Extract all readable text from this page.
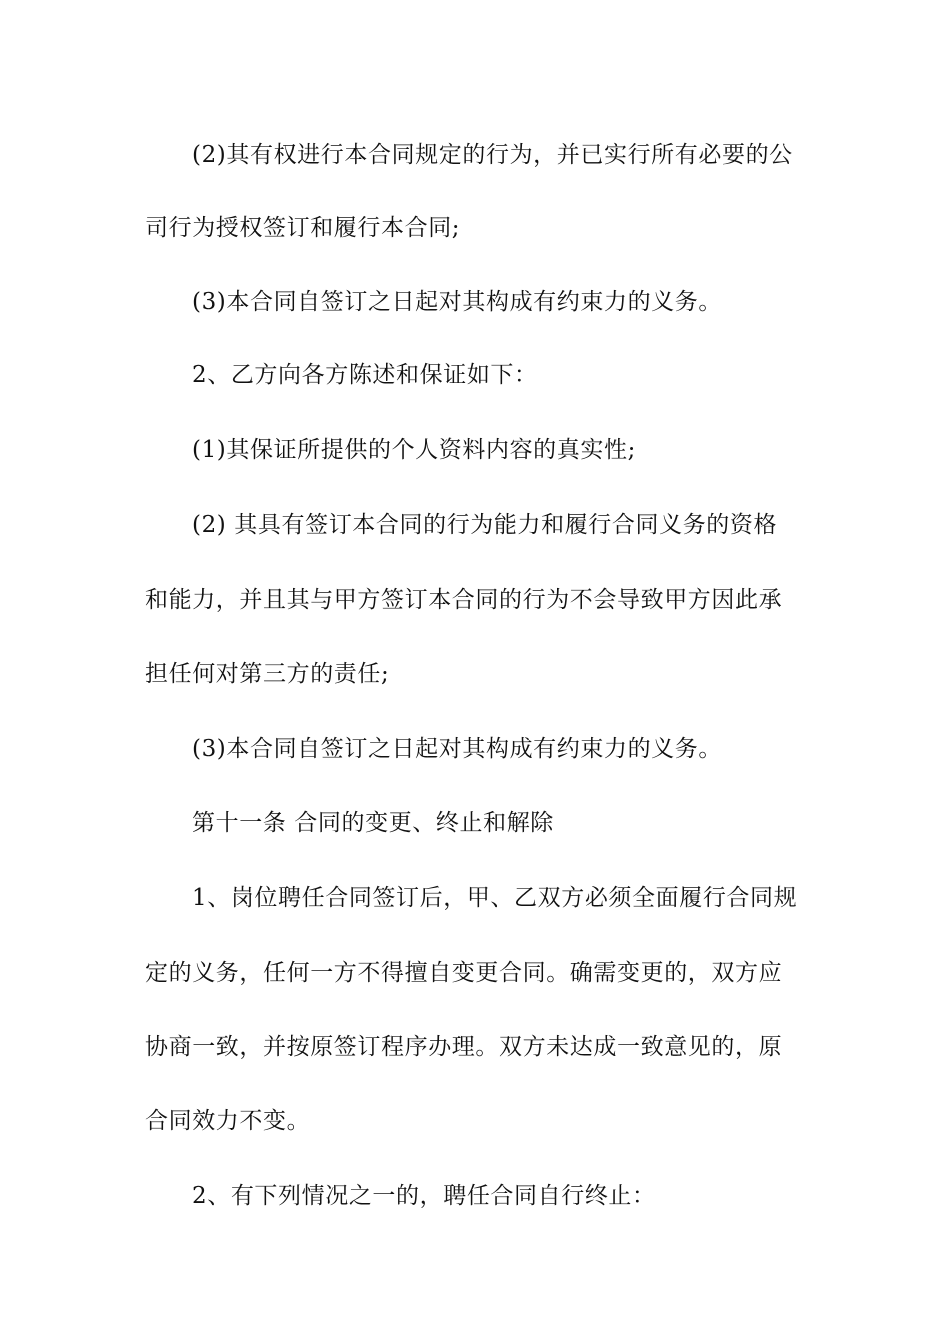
(2)其有权进行本合同规定的行为，并已实行所有必要的公
司行为授权签订和履行本合同;
(3)本合同自签订之日起对其构成有约束力的义务。
2、乙方向各方陈述和保证如下：
(1)其保证所提供的个人资料内容的真实性;
(2) 其具有签订本合同的行为能力和履行合同义务的资格
和能力，并且其与甲方签订本合同的行为不会导致甲方因此承
担任何对第三方的责任;
(3)本合同自签订之日起对其构成有约束力的义务。
第十一条 合同的变更、终止和解除
1、岗位聘任合同签订后，甲、乙双方必须全面履行合同规
定的义务，任何一方不得擅自变更合同。确需变更的，双方应
协商一致，并按原签订程序办理。双方未达成一致意见的，原
合同效力不变。
2、有下列情况之一的，聘任合同自行终止：
